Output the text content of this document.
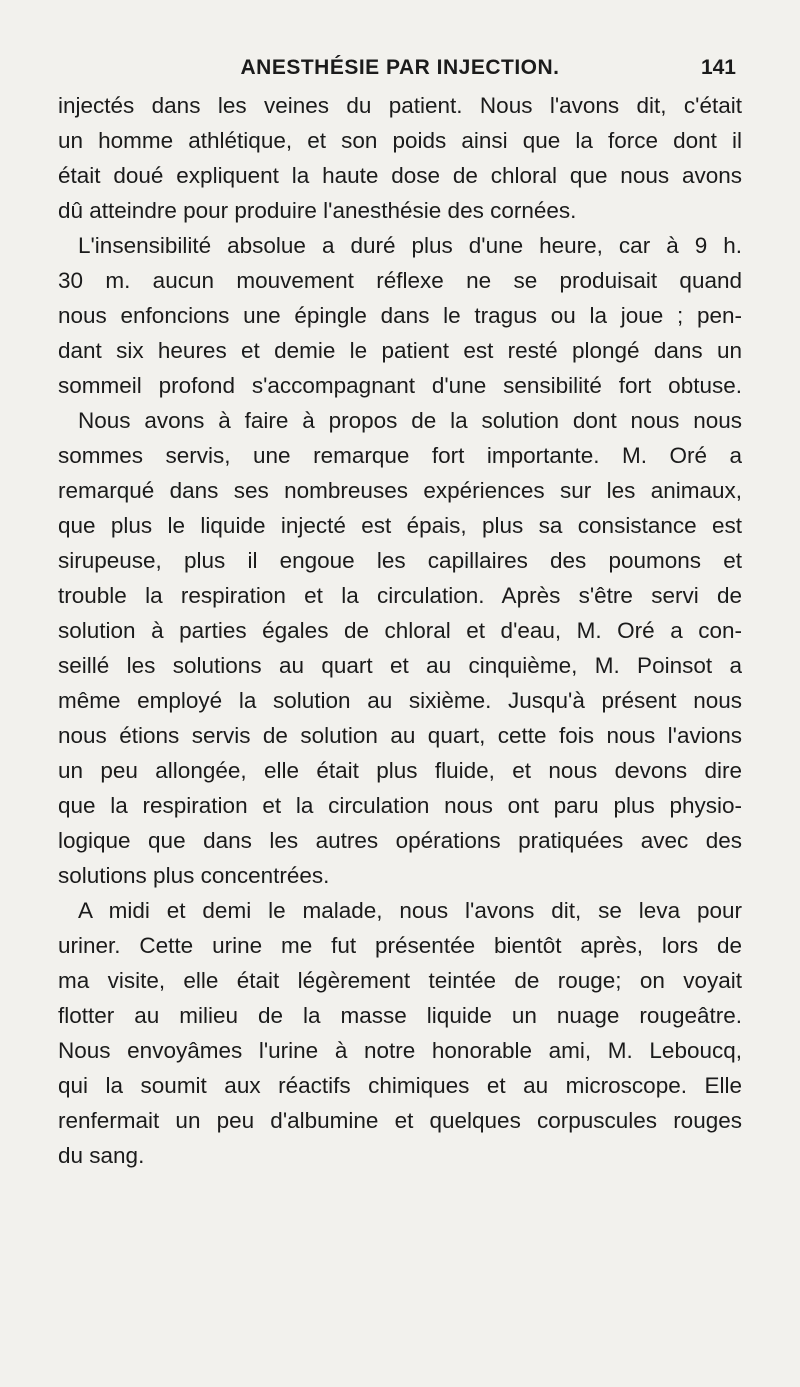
ANESTHÉSIE PAR INJECTION.	141
injectés dans les veines du patient. Nous l'avons dit, c'était
un homme athlétique, et son poids ainsi que la force dont il
était doué expliquent la haute dose de chloral que nous avons
dû atteindre pour produire l'anesthésie des cornées.
L'insensibilité absolue a duré plus d'une heure, car à 9 h.
30 m. aucun mouvement réflexe ne se produisait quand
nous enfoncions une épingle dans le tragus ou la joue ; pen-
dant six heures et demie le patient est resté plongé dans un
sommeil profond s'accompagnant d'une sensibilité fort obtuse.
Nous avons à faire à propos de la solution dont nous nous
sommes servis, une remarque fort importante. M. Oré a
remarqué dans ses nombreuses expériences sur les animaux,
que plus le liquide injecté est épais, plus sa consistance est
sirupeuse, plus il engoue les capillaires des poumons et
trouble la respiration et la circulation. Après s'être servi de
solution à parties égales de chloral et d'eau, M. Oré a con-
seillé les solutions au quart et au cinquième, M. Poinsot a
même employé la solution au sixième. Jusqu'à présent nous
nous étions servis de solution au quart, cette fois nous l'avions
un peu allongée, elle était plus fluide, et nous devons dire
que la respiration et la circulation nous ont paru plus physio-
logique que dans les autres opérations pratiquées avec des
solutions plus concentrées.
A midi et demi le malade, nous l'avons dit, se leva pour
uriner. Cette urine me fut présentée bientôt après, lors de
ma visite, elle était légèrement teintée de rouge; on voyait
flotter au milieu de la masse liquide un nuage rougeâtre.
Nous envoyâmes l'urine à notre honorable ami, M. Leboucq,
qui la soumit aux réactifs chimiques et au microscope. Elle
renfermait un peu d'albumine et quelques corpuscules rouges
du sang.
